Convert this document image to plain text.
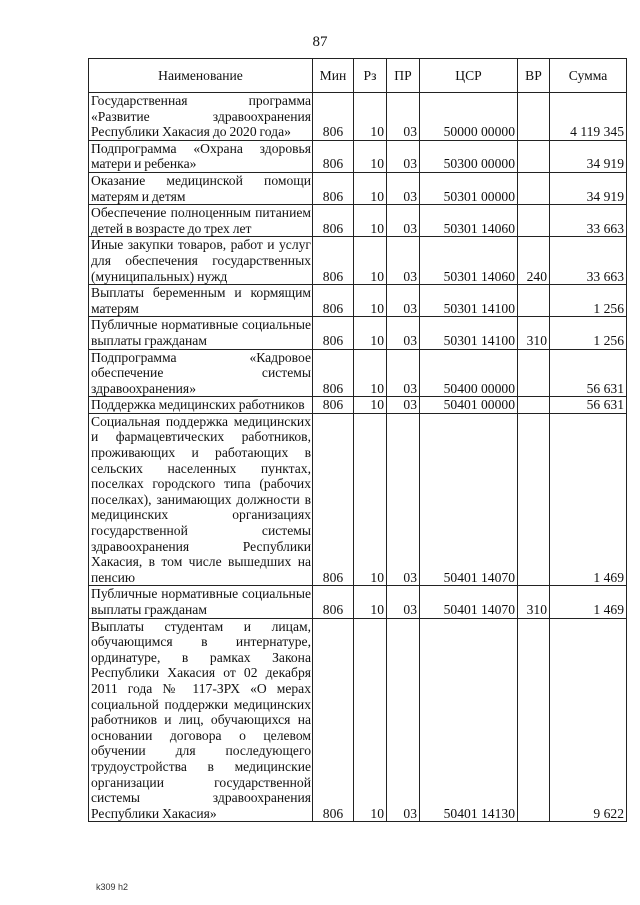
87
Наименование	Мин	Рз	ПР	ЦСР	ВР	Сумма
Государственная программа «Развитие здравоохранения Республики Хакасия до 2020 года»	806	10	03	50000 00000		4 119 345
Подпрограмма «Охрана здоровья матери и ребенка»	806	10	03	50300 00000		34 919
Оказание медицинской помощи матерям и детям	806	10	03	50301 00000		34 919
Обеспечение полноценным питанием детей в возрасте до трех лет	806	10	03	50301 14060		33 663
Иные закупки товаров, работ и услуг для обеспечения государственных (муниципальных) нужд	806	10	03	50301 14060	240	33 663
Выплаты беременным и кормящим матерям	806	10	03	50301 14100		1 256
Публичные нормативные социальные выплаты гражданам	806	10	03	50301 14100	310	1 256
Подпрограмма «Кадровое обеспечение системы здравоохранения»	806	10	03	50400 00000		56 631
Поддержка медицинских работников	806	10	03	50401 00000		56 631
Социальная поддержка медицинских и фармацевтических работников, проживающих и работающих в сельских населенных пунктах, поселках городского типа (рабочих поселках), занимающих должности в медицинских организациях государственной системы здравоохранения Республики Хакасия, в том числе вышедших на пенсию	806	10	03	50401 14070		1 469
Публичные нормативные социальные выплаты гражданам	806	10	03	50401 14070	310	1 469
Выплаты студентам и лицам, обучающимся в интернатуре, ординатуре, в рамках Закона Республики Хакасия от 02 декабря 2011 года № 117-ЗРХ «О мерах социальной поддержки медицинских работников и лиц, обучающихся на основании договора о целевом обучении для последующего трудоустройства в медицинские организации государственной системы здравоохранения Республики Хакасия»	806	10	03	50401 14130		9 622
k309 h2
